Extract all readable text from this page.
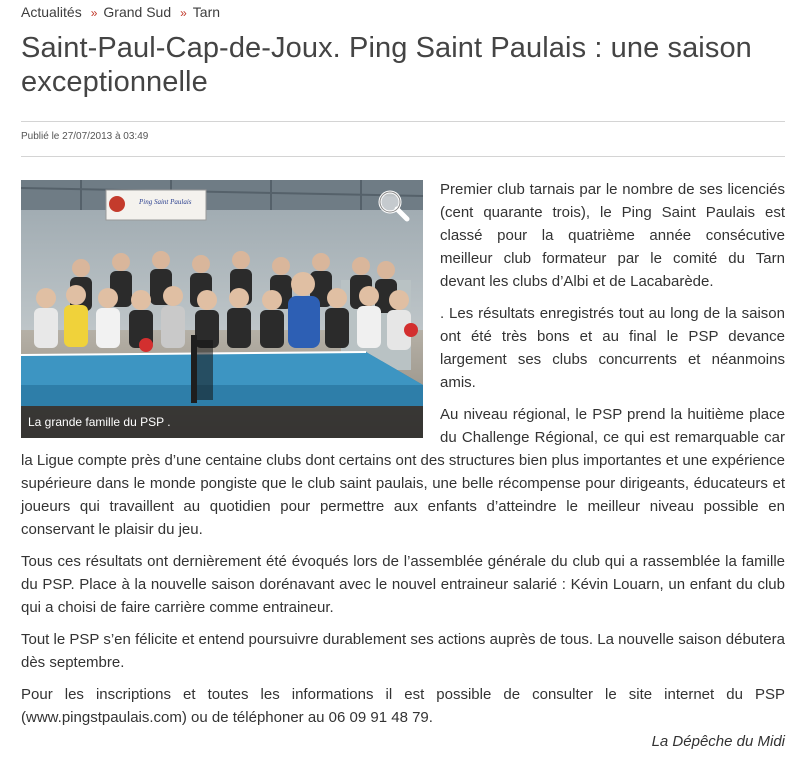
Actualités » Grand Sud » Tarn
Saint-Paul-Cap-de-Joux. Ping Saint Paulais : une saison exceptionnelle
Publié le 27/07/2013 à 03:49
Ping Saint Paulais
La grande famille du PSP .

Premier club tarnais par le nombre de ses licenciés (cent quarante trois), le Ping Saint Paulais est classé pour la quatrième année consécutive meilleur club formateur par le comité du Tarn devant les clubs d’Albi et de Lacabarède.

. Les résultats enregistrés tout au long de la saison ont été très bons et au final le PSP devance largement ses clubs concurrents et néanmoins amis.

Au niveau régional, le PSP prend la huitième place du Challenge Régional, ce qui est remarquable car la Ligue compte près d’une centaine clubs dont certains ont des structures bien plus importantes et une expérience supérieure dans le monde pongiste que le club saint paulais, une belle récompense pour dirigeants, éducateurs et joueurs qui travaillent au quotidien pour permettre aux enfants d’atteindre le meilleur niveau possible en conservant le plaisir du jeu.

Tous ces résultats ont dernièrement été évoqués lors de l’assemblée générale du club qui a rassemblée la famille du PSP. Place à la nouvelle saison dorénavant avec le nouvel entraineur salarié : Kévin Louarn, un enfant du club qui a choisi de faire carrière comme entraineur.

Tout le PSP s’en félicite et entend poursuivre durablement ses actions auprès de tous. La nouvelle saison débutera dès septembre.

Pour les inscriptions et toutes les informations il est possible de consulter le site internet du PSP (www.pingstpaulais.com) ou de téléphoner au 06 09 91 48 79.

La Dépêche du Midi
